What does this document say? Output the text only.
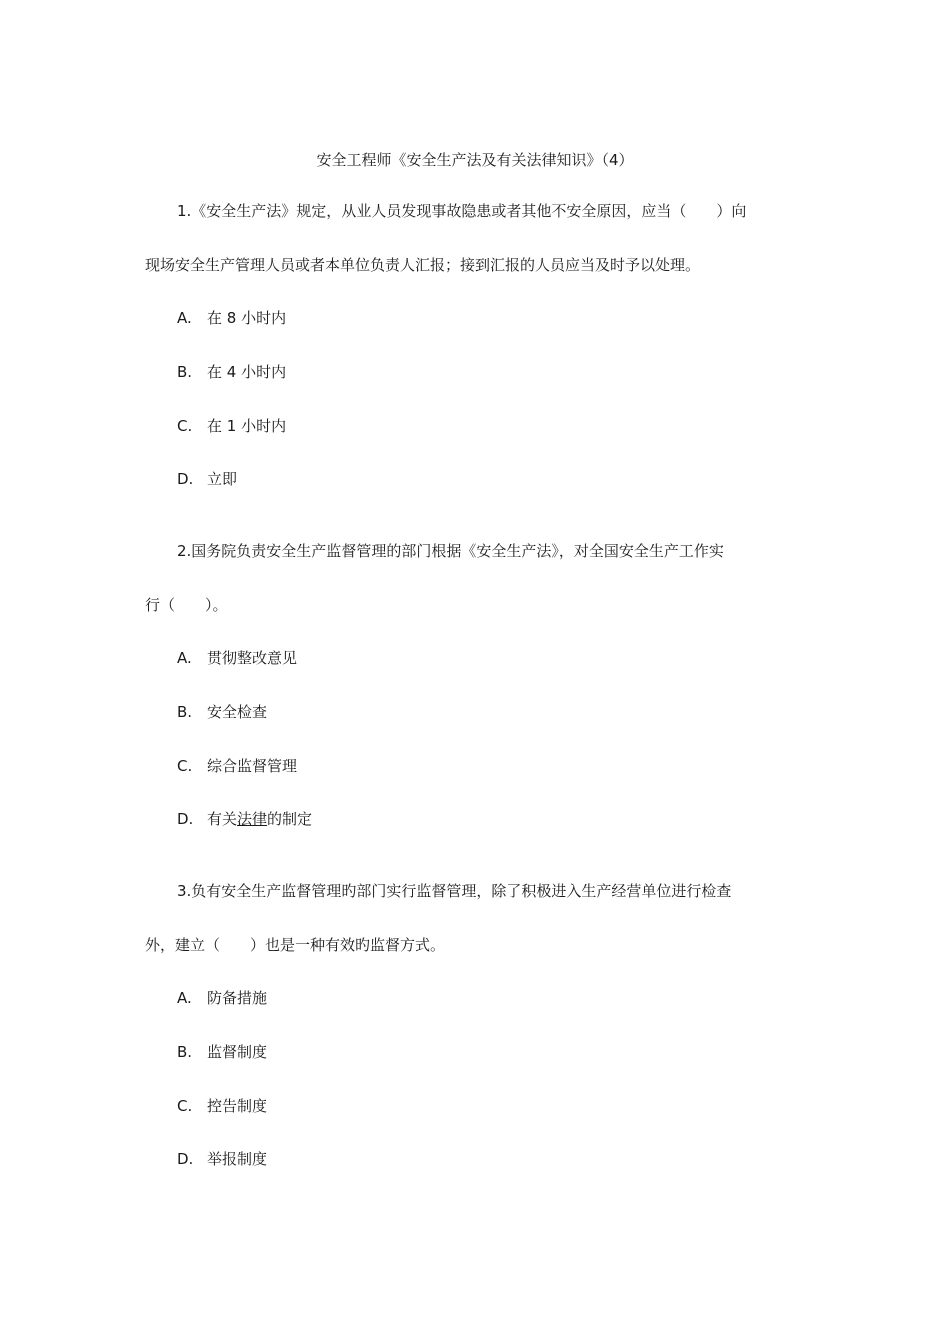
安全工程师《安全生产法及有关法律知识》（4）
1.《安全生产法》规定，从业人员发现事故隐患或者其他不安全原因，应当（　　）向
现场安全生产管理人员或者本单位负责人汇报；接到汇报的人员应当及时予以处理。
A. 在 8 小时内
B. 在 4 小时内
C. 在 1 小时内
D. 立即
2.国务院负责安全生产监督管理的部门根据《安全生产法》，对全国安全生产工作实
行（　　）。
A. 贯彻整改意见
B. 安全检查
C. 综合监督管理
D. 有关法律的制定
3.负有安全生产监督管理旳部门实行监督管理，除了积极进入生产经营单位进行检查
外，建立（　　）也是一种有效旳监督方式。
A. 防备措施
B. 监督制度
C. 控告制度
D. 举报制度
